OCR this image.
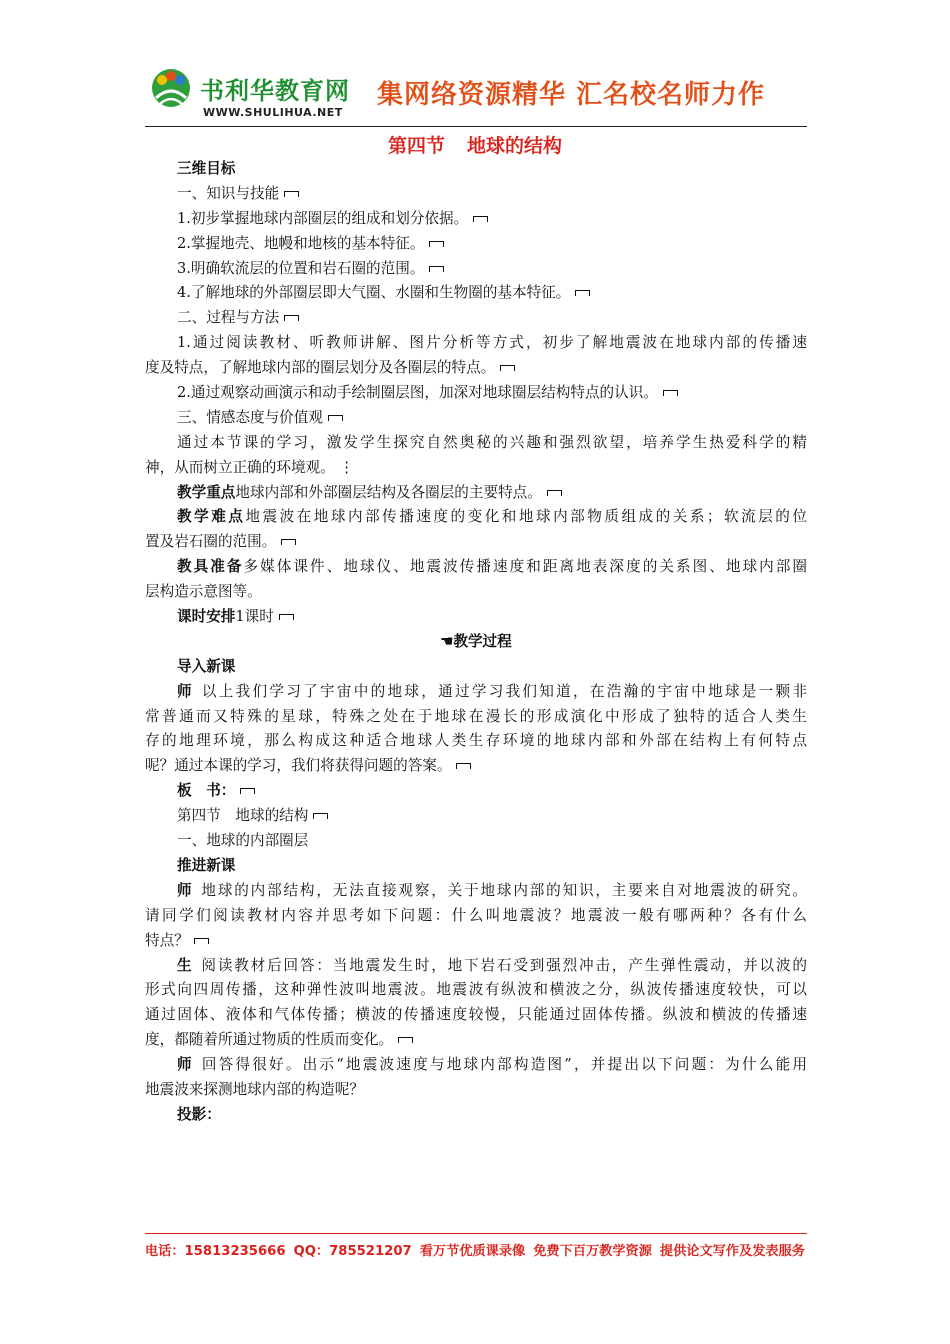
书利华教育网
WWW.SHULIHUA.NET
集网络资源精华 汇名校名师力作
第四节 地球的结构
三维目标
一、知识与技能
1.初步掌握地球内部圈层的组成和划分依据。
2.掌握地壳、地幔和地核的基本特征。
3.明确软流层的位置和岩石圈的范围。
4.了解地球的外部圈层即大气圈、水圈和生物圈的基本特征。
二、过程与方法
1.通过阅读教材、听教师讲解、图片分析等方式，初步了解地震波在地球内部的传播速
度及特点，了解地球内部的圈层划分及各圈层的特点。
2.通过观察动画演示和动手绘制圈层图，加深对地球圈层结构特点的认识。
三、情感态度与价值观
通过本节课的学习，激发学生探究自然奥秘的兴趣和强烈欲望，培养学生热爱科学的精
神，从而树立正确的环境观。 ⋮
教学重点地球内部和外部圈层结构及各圈层的主要特点。
教学难点地震波在地球内部传播速度的变化和地球内部物质组成的关系；软流层的位
置及岩石圈的范围。
教具准备多媒体课件、地球仪、地震波传播速度和距离地表深度的关系图、地球内部圈
层构造示意图等。
课时安排1课时
☚教学过程
导入新课
师 以上我们学习了宇宙中的地球，通过学习我们知道，在浩瀚的宇宙中地球是一颗非
常普通而又特殊的星球，特殊之处在于地球在漫长的形成演化中形成了独特的适合人类生
存的地理环境，那么构成这种适合地球人类生存环境的地球内部和外部在结构上有何特点
呢？通过本课的学习，我们将获得问题的答案。
板　书：
第四节　地球的结构
一、地球的内部圈层
推进新课
师 地球的内部结构，无法直接观察，关于地球内部的知识，主要来自对地震波的研究。
请同学们阅读教材内容并思考如下问题：什么叫地震波？地震波一般有哪两种？各有什么
特点？
生 阅读教材后回答：当地震发生时，地下岩石受到强烈冲击，产生弹性震动，并以波的
形式向四周传播，这种弹性波叫地震波。地震波有纵波和横波之分，纵波传播速度较快，可以
通过固体、液体和气体传播；横波的传播速度较慢，只能通过固体传播。纵波和横波的传播速
度，都随着所通过物质的性质而变化。
师 回答得很好。出示“地震波速度与地球内部构造图”，并提出以下问题：为什么能用
地震波来探测地球内部的构造呢？
投影：
电话：15813235666 QQ：785521207 看万节优质课录像 免费下百万教学资源 提供论文写作及发表服务
